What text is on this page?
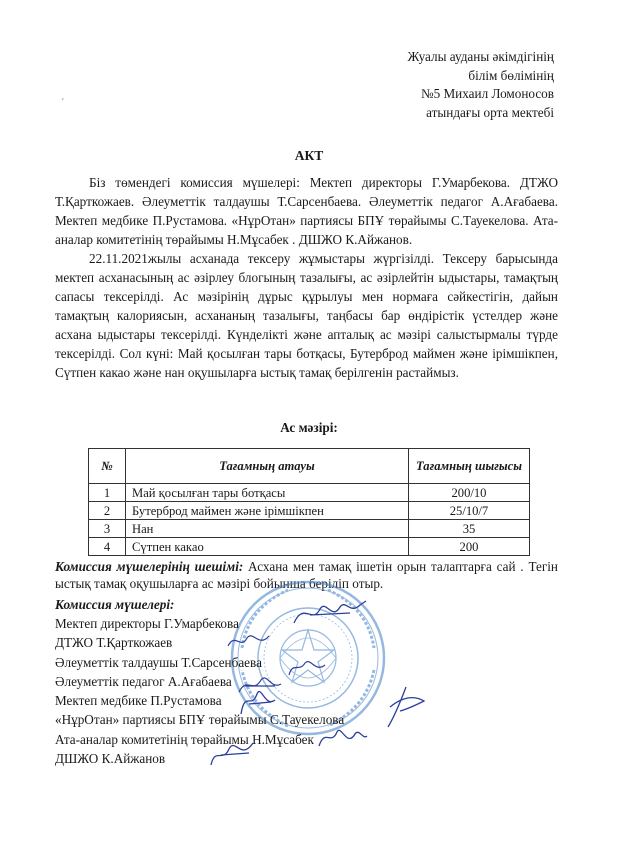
Жуалы ауданы әкімдігінің
білім бөлімінің
№5 Михаил Ломоносов
атындағы орта мектебі
ˊ
АКТ

Біз төмендегі комиссия мүшелері: Мектеп директоры Г.Умарбекова. ДТЖО Т.Қарткожаев. Әлеуметтік талдаушы Т.Сарсенбаева. Әлеуметтік педагог А.Ағабаева. Мектеп медбике П.Рустамова. «НұрОтан» партиясы БПҰ төрайымы С.Тауекелова. Ата-аналар комитетінің төрайымы Н.Мұсабек . ДШЖО К.Айжанов.

22.11.2021жылы асханада тексеру жұмыстары жүргізілді. Тексеру барысында мектеп асханасының ас әзірлеу блогының тазалығы, ас әзірлейтін ыдыстары, тамақтың сапасы тексерілді. Ас мәзірінің дұрыс құрылуы мен нормаға сәйкестігін, дайын тамақтың калориясын, асхананың тазалығы, таңбасы бар өндірістік үстелдер және асхана ыдыстары тексерілді. Күнделікті және апталық ас мәзірі салыстырмалы түрде тексерілді. Сол күні: Май қосылған тары ботқасы, Бутерброд маймен және ірімшікпен, Сүтпен какао және нан оқушыларға ыстық тамақ берілгенін растаймыз.

Ас мәзірі:
№	Тағамның атауы	Тағамның шығысы
1	Май қосылған тары ботқасы	200/10
2	Бутерброд маймен және ірімшікпен	25/10/7
3	Нан	35
4	Сүтпен какао	200
Комиссия мүшелерінің шешімі: Асхана мен тамақ ішетін орын талаптарға сай . Тегін ыстық тамақ оқушыларға ас мәзірі бойынша беріліп отыр.
Комиссия мүшелері:
Мектеп директоры Г.Умарбекова
ДТЖО Т.Қарткожаев
Әлеуметтік талдаушы Т.Сарсенбаева
Әлеуметтік педагог А.Ағабаева
Мектеп медбике П.Рустамова
«НұрОтан» партиясы БПҰ төрайымы С.Тауекелова
Ата-аналар комитетінің төрайымы Н.Мұсабек
ДШЖО К.Айжанов
